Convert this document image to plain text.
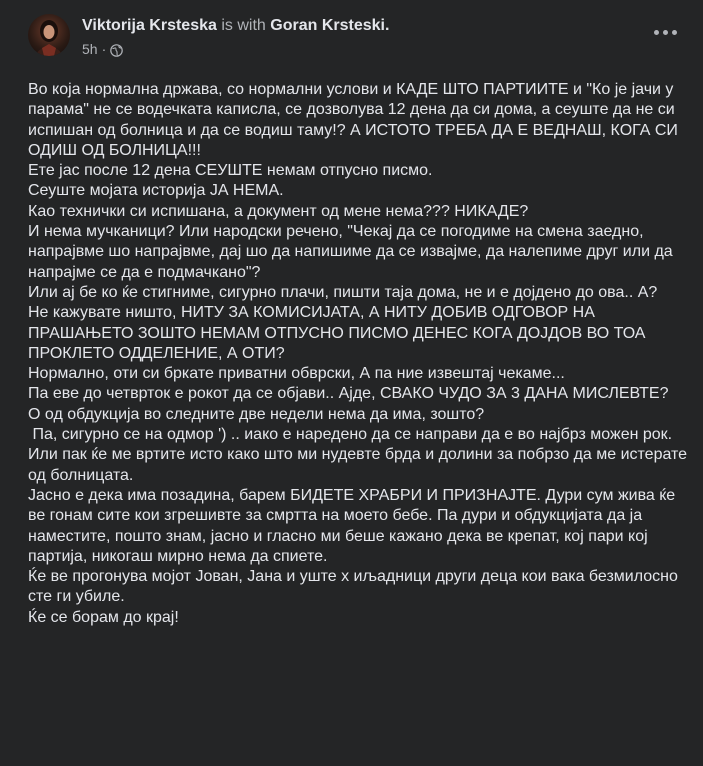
Viktorija Krsteska is with Goran Krsteski.
5h ·

Во која нормална држава, со нормални услови и КАДЕ ШТО ПАРТИИТЕ и "Ко је јачи у парама" не се водечката каписла, се дозволува 12 дена да си дома, а сеуште да не си испишан од болница и да се водиш таму!? А ИСТОТО ТРЕБА ДА Е ВЕДНАШ, КОГА СИ ОДИШ ОД БОЛНИЦА!!!

Ете јас после 12 дена СЕУШТЕ немам отпусно писмо.

Сеуште мојата историја ЈА НЕМА.

Као технички си испишана, а документ од мене нема??? НИКАДЕ?

И нема мучканици? Или народски речено, "Чекај да се погодиме на смена заедно, напрајвме шо напрајвме, дај шо да напишиме да се извајме, да налепиме друг или да напрајме се да е подмачкано"?

Или ај бе ко ќе стигниме, сигурно плачи, пишти таја дома, не и е дојдено до ова.. А?

Не кажувате ништо, НИТУ ЗА КОМИСИЈАТА, А НИТУ ДОБИВ ОДГОВОР НА ПРАШАЊЕТО ЗОШТО НЕМАМ ОТПУСНО ПИСМО ДЕНЕС КОГА ДОЈДОВ ВО ТОА ПРОКЛЕТО ОДДЕЛЕНИЕ, А ОТИ?

Нормално, оти си бркате приватни обврски, А па ние извештај чекаме...

Па еве до четврток е рокот да се објави.. Ајде, СВАКО ЧУДО ЗА 3 ДАНА МИСЛЕВТЕ?  О од обдукција во следните две недели нема да има, зошто?

Па, сигурно се на одмор ') .. иако е наредено да се направи да е во најбрз можен рок.

Или пак ќе ме вртите исто како што ми нудевте брда и долини за побрзо да ме истерате од болницата.

Јасно е дека има позадина, барем БИДЕТЕ ХРАБРИ И ПРИЗНАЈТЕ. Дури сум жива ќе ве гонам сите кои згрешивте за смртта на моето бебе. Па дури и обдукцијата да ја наместите, пошто знам, јасно и гласно ми беше кажано дека ве крепат, кој пари кој партија, никогаш мирно нема да спиете.

Ќе ве прогонува мојот Јован, Јана и уште х иљадници други деца кои вака безмилосно сте ги убиле.

Ќе се борам до крај!
